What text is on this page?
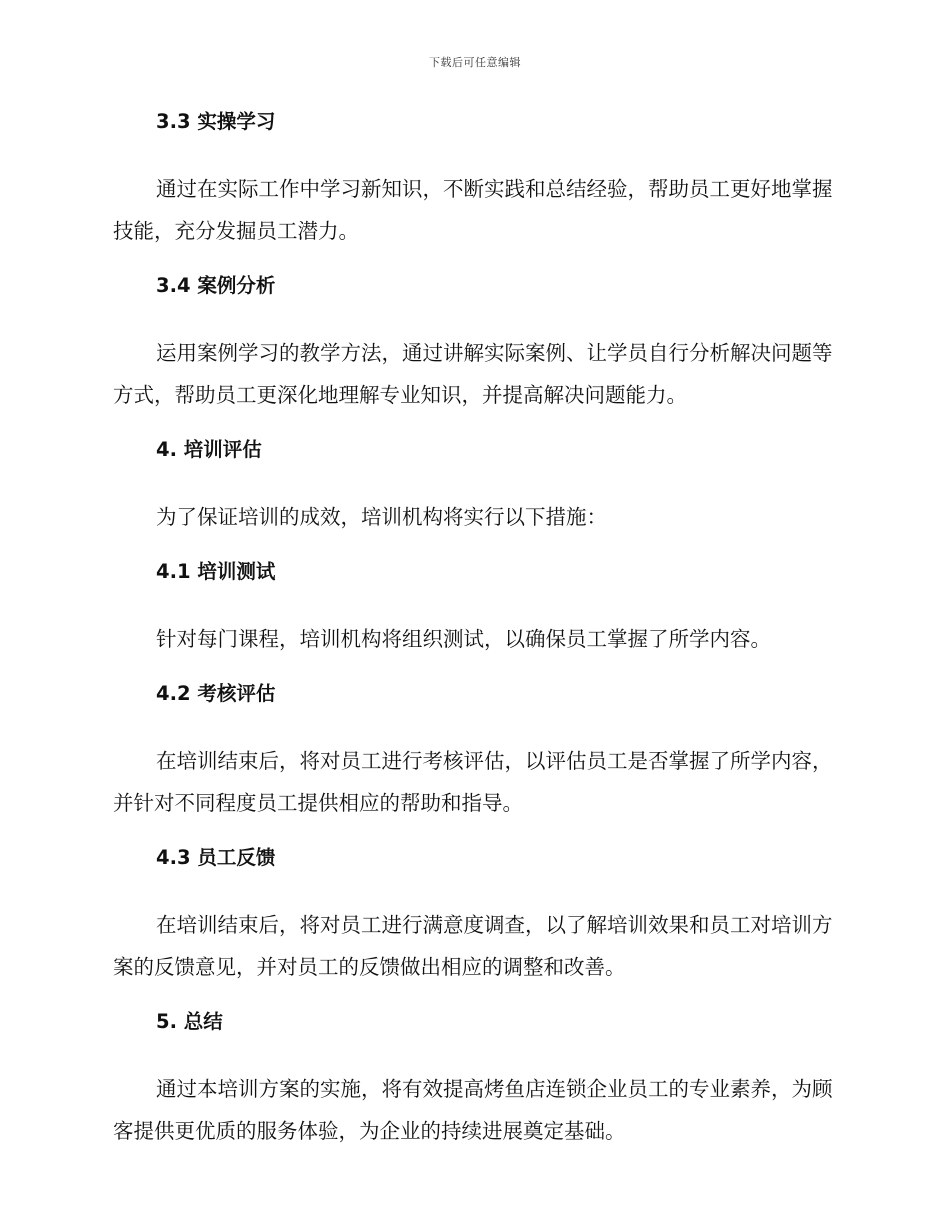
下载后可任意编辑
3.3 实操学习

通过在实际工作中学习新知识，不断实践和总结经验，帮助员工更好地掌握技能，充分发掘员工潜力。

3.4 案例分析

运用案例学习的教学方法，通过讲解实际案例、让学员自行分析解决问题等方式，帮助员工更深化地理解专业知识，并提高解决问题能力。

4. 培训评估

为了保证培训的成效，培训机构将实行以下措施：

4.1 培训测试

针对每门课程，培训机构将组织测试，以确保员工掌握了所学内容。

4.2 考核评估

在培训结束后，将对员工进行考核评估，以评估员工是否掌握了所学内容，并针对不同程度员工提供相应的帮助和指导。

4.3 员工反馈

在培训结束后，将对员工进行满意度调查，以了解培训效果和员工对培训方案的反馈意见，并对员工的反馈做出相应的调整和改善。

5. 总结

通过本培训方案的实施，将有效提高烤鱼店连锁企业员工的专业素养，为顾客提供更优质的服务体验，为企业的持续进展奠定基础。
